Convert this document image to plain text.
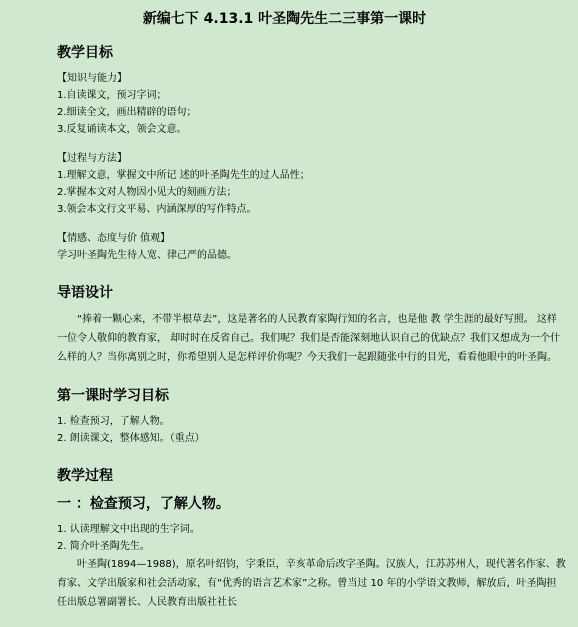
新编七下 4.13.1 叶圣陶先生二三事第一课时
教学目标
【知识与能力】
1.自读课文，预习字词；
2.细读全文，画出精辟的语句；
3.反复诵读本文，领会文意。
【过程与方法】
1.理解文意，掌握文中所记 述的叶圣陶先生的过人品性；
2.掌握本文对人物因小见大的刻画方法；
3.领会本文行文平易、内涵深厚的写作特点。
【情感、态度与价 值观】
学习叶圣陶先生待人宽、律己严的品德。
导语设计

“捧着一颗心来，不带半根草去”，这是著名的人民教育家陶行知的名言，也是他 教 学生涯的最好写照。 这样一位令人敬仰的教育家， 却时时在反省自己。我们呢？我们是否能深刻地认识自己的优缺点？我们又想成为一个什么样的人？当你离别之时，你希望别人是怎样评价你呢？今天我们一起跟随张中行的目光，看看他眼中的叶圣陶。

第一课时学习目标
1. 检查预习，了解人物。
2. 朗读课文，整体感知。（重点）
教学过程
一 ：检查预习，了解人物。
1. 认读理解文中出现的生字词。
2. 简介叶圣陶先生。

叶圣陶(1894—1988)，原名叶绍钧，字秉臣，辛亥革命后改字圣陶。汉族人，江苏苏州人，现代著名作家、教育家、文学出版家和社会活动家，有“优秀的语言艺术家”之称。曾当过 10 年的小学语文教师，解放后，叶圣陶担任出版总署副署长、人民教育出版社社长
